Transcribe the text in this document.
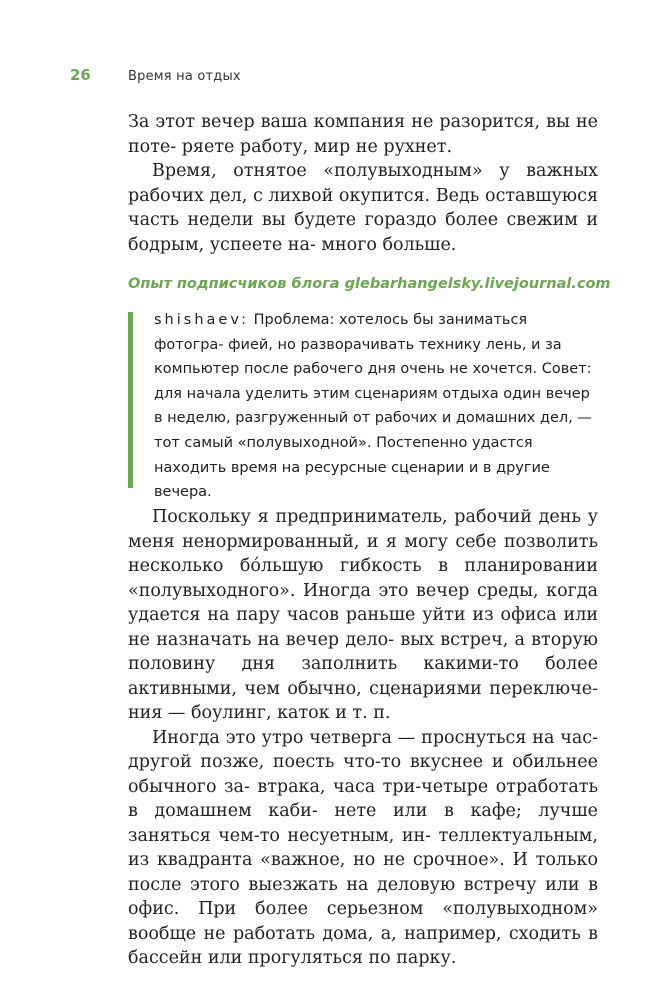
26	Время на отдых

За этот вечер ваша компания не разорится, вы не поте- ряете работу, мир не рухнет.

Время, отнятое «полувыходным» у важных рабочих дел, с лихвой окупится. Ведь оставшуюся часть недели вы будете гораздо более свежим и бодрым, успеете на- много больше.

Опыт подписчиков блога glebarhangelsky.livejournal.com

shishaev: Проблема: хотелось бы заниматься фотогра- фией, но разворачивать технику лень, и за компьютер после рабочего дня очень не хочется. Совет: для начала уделить этим сценариям отдыха один вечер в неделю, разгруженный от рабочих и домашних дел, — тот самый «полувыходной». Постепенно удастся находить время на ресурсные сценарии и в другие вечера.

Поскольку я предприниматель, рабочий день у меня ненормированный, и я могу себе позволить несколько бо́льшую гибкость в планировании «полувыходного». Иногда это вечер среды, когда удается на пару часов раньше уйти из офиса или не назначать на вечер дело- вых встреч, а вторую половину дня заполнить какими-то более активными, чем обычно, сценариями переключе- ния — боулинг, каток и т. п.

Иногда это утро четверга — проснуться на час-другой позже, поесть что-то вкуснее и обильнее обычного за- втрака, часа три-четыре отработать в домашнем каби- нете или в кафе; лучше заняться чем-то несуетным, ин- теллектуальным, из квадранта «важное, но не срочное». И только после этого выезжать на деловую встречу или в офис. При более серьезном «полувыходном» вообще не работать дома, а, например, сходить в бассейн или прогуляться по парку.
